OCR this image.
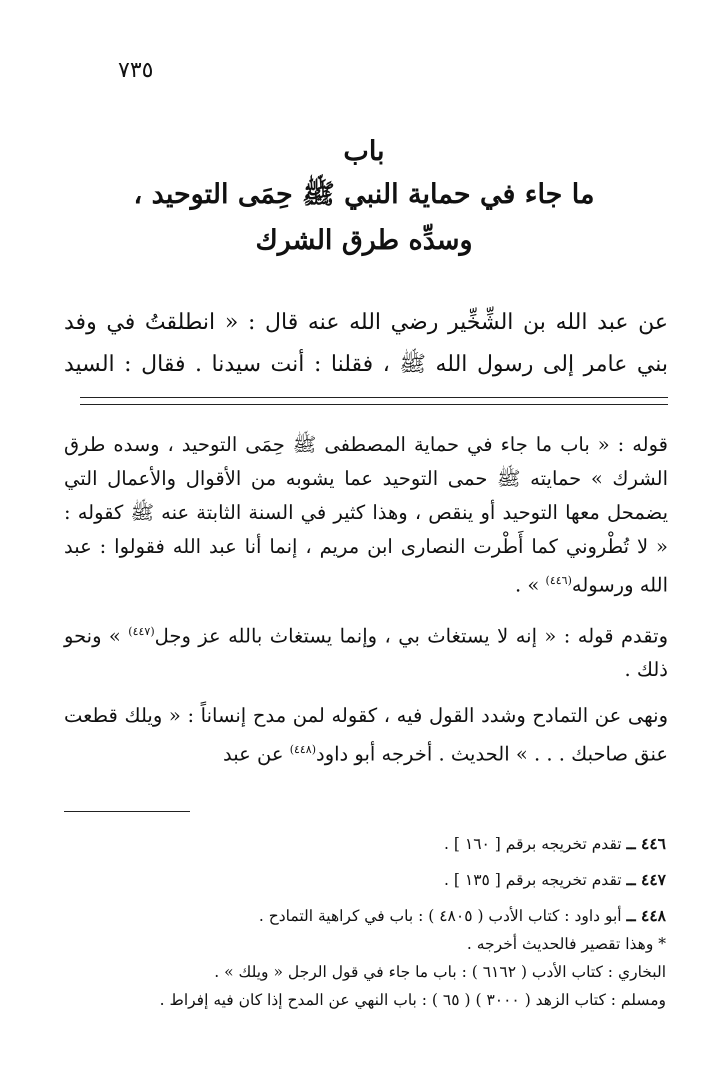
٧٣٥
باب
ما جاء في حماية النبي ﷺ حِمَى التوحيد ،
وسدِّه طرق الشرك

عن عبد الله بن الشِّخِّير رضي الله عنه قال : « انطلقتُ في وفد

بني عامر إلى رسول الله ﷺ ، فقلنا : أنت سيدنا . فقال : السيد

قوله : « باب ما جاء في حماية المصطفى ﷺ حِمَى التوحيد ، وسده طرق الشرك » حمايته ﷺ حمى التوحيد عما يشوبه من الأقوال والأعمال التي يضمحل معها التوحيد أو ينقص ، وهذا كثير في السنة الثابتة عنه ﷺ كقوله : « لا تُطْروني كما أَطْرت النصارى ابن مريم ، إنما أنا عبد الله فقولوا : عبد الله ورسوله$^{(٤٤٦)}$ » .

وتقدم قوله : « إنه لا يستغاث بي ، وإنما يستغاث بالله عز وجل$^{(٤٤٧)}$ » ونحو ذلك .

ونهى عن التمادح وشدد القول فيه ، كقوله لمن مدح إنساناً : « ويلك قطعت عنق صاحبك . . . » الحديث . أخرجه أبو داود$^{(٤٤٨)}$ عن عبد

٤٤٦ ــ تقدم تخريجه برقم [ ١٦٠ ] .
٤٤٧ ــ تقدم تخريجه برقم [ ١٣٥ ] .
٤٤٨ ــ أبو داود : كتاب الأدب ( ٤٨٠٥ ) : باب في كراهية التمادح .
* وهذا تقصير فالحديث أخرجه .
البخاري : كتاب الأدب ( ٦١٦٢ ) : باب ما جاء في قول الرجل « ويلك » .
ومسلم : كتاب الزهد ( ٣٠٠٠ ) ( ٦٥ ) : باب النهي عن المدح إذا كان فيه إفراط .
